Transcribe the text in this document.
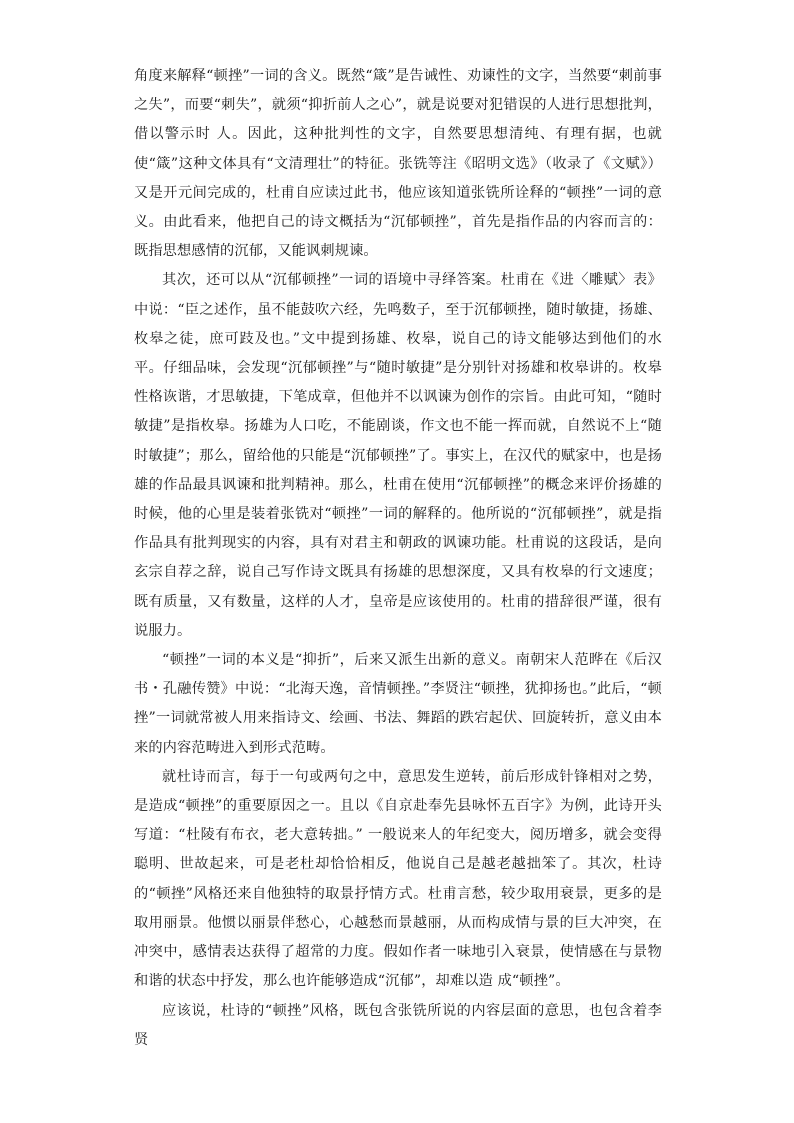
角度来解释“顿挫”一词的含义。既然“箴”是告诫性、劝谏性的文字，当然要“刺前事之失”，而要“刺失”，就须“抑折前人之心”，就是说要对犯错误的人进行思想批判，借以警示时 人。因此，这种批判性的文字，自然要思想清纯、有理有据，也就使“箴”这种文体具有“文清理壮”的特征。张铣等注《昭明文选》（收录了《文赋》）又是开元间完成的，杜甫自应读过此书，他应该知道张铣所诠释的“顿挫”一词的意义。由此看来，他把自己的诗文概括为“沉郁顿挫”，首先是指作品的内容而言的：既指思想感情的沉郁，又能讽刺规谏。

其次，还可以从“沉郁顿挫”一词的语境中寻绎答案。杜甫在《进〈雕赋〉表》中说：“臣之述作，虽不能鼓吹六经，先鸣数子，至于沉郁顿挫，随时敏捷，扬雄、枚皋之徒，庶可跂及也。”文中提到扬雄、枚皋，说自己的诗文能够达到他们的水平。仔细品味，会发现“沉郁顿挫”与“随时敏捷”是分别针对扬雄和枚皋讲的。枚皋性格诙谐，才思敏捷，下笔成章，但他并不以讽谏为创作的宗旨。由此可知，“随时敏捷”是指枚皋。扬雄为人口吃，不能剧谈，作文也不能一挥而就，自然说不上“随时敏捷”；那么，留给他的只能是“沉郁顿挫”了。事实上，在汉代的赋家中，也是扬雄的作品最具讽谏和批判精神。那么，杜甫在使用“沉郁顿挫”的概念来评价扬雄的时候，他的心里是装着张铣对“顿挫”一词的解释的。他所说的“沉郁顿挫”，就是指作品具有批判现实的内容，具有对君主和朝政的讽谏功能。杜甫说的这段话，是向玄宗自荐之辞，说自己写作诗文既具有扬雄的思想深度，又具有枚皋的行文速度；既有质量，又有数量，这样的人才，皇帝是应该使用的。杜甫的措辞很严谨，很有说服力。

“顿挫”一词的本义是“抑折”，后来又派生出新的意义。南朝宋人范晔在《后汉书・孔融传赞》中说：“北海天逸，音情顿挫。”李贤注“顿挫，犹抑扬也。”此后，“顿挫”一词就常被人用来指诗文、绘画、书法、舞蹈的跌宕起伏、回旋转折，意义由本来的内容范畴进入到形式范畴。

就杜诗而言，每于一句或两句之中，意思发生逆转，前后形成针锋相对之势，是造成“顿挫”的重要原因之一。且以《自京赴奉先县咏怀五百字》为例，此诗开头写道：“杜陵有布衣，老大意转拙。” 一般说来人的年纪变大，阅历增多，就会变得聪明、世故起来，可是老杜却恰恰相反，他说自己是越老越拙笨了。其次，杜诗的“顿挫”风格还来自他独特的取景抒情方式。杜甫言愁，较少取用衰景，更多的是取用丽景。他惯以丽景伴愁心，心越愁而景越丽，从而构成情与景的巨大冲突，在冲突中，感情表达获得了超常的力度。假如作者一味地引入衰景，使情感在与景物和谐的状态中抒发，那么也许能够造成“沉郁”，却难以造 成“顿挫”。

应该说，杜诗的“顿挫”风格，既包含张铣所说的内容层面的意思，也包含着李贤
